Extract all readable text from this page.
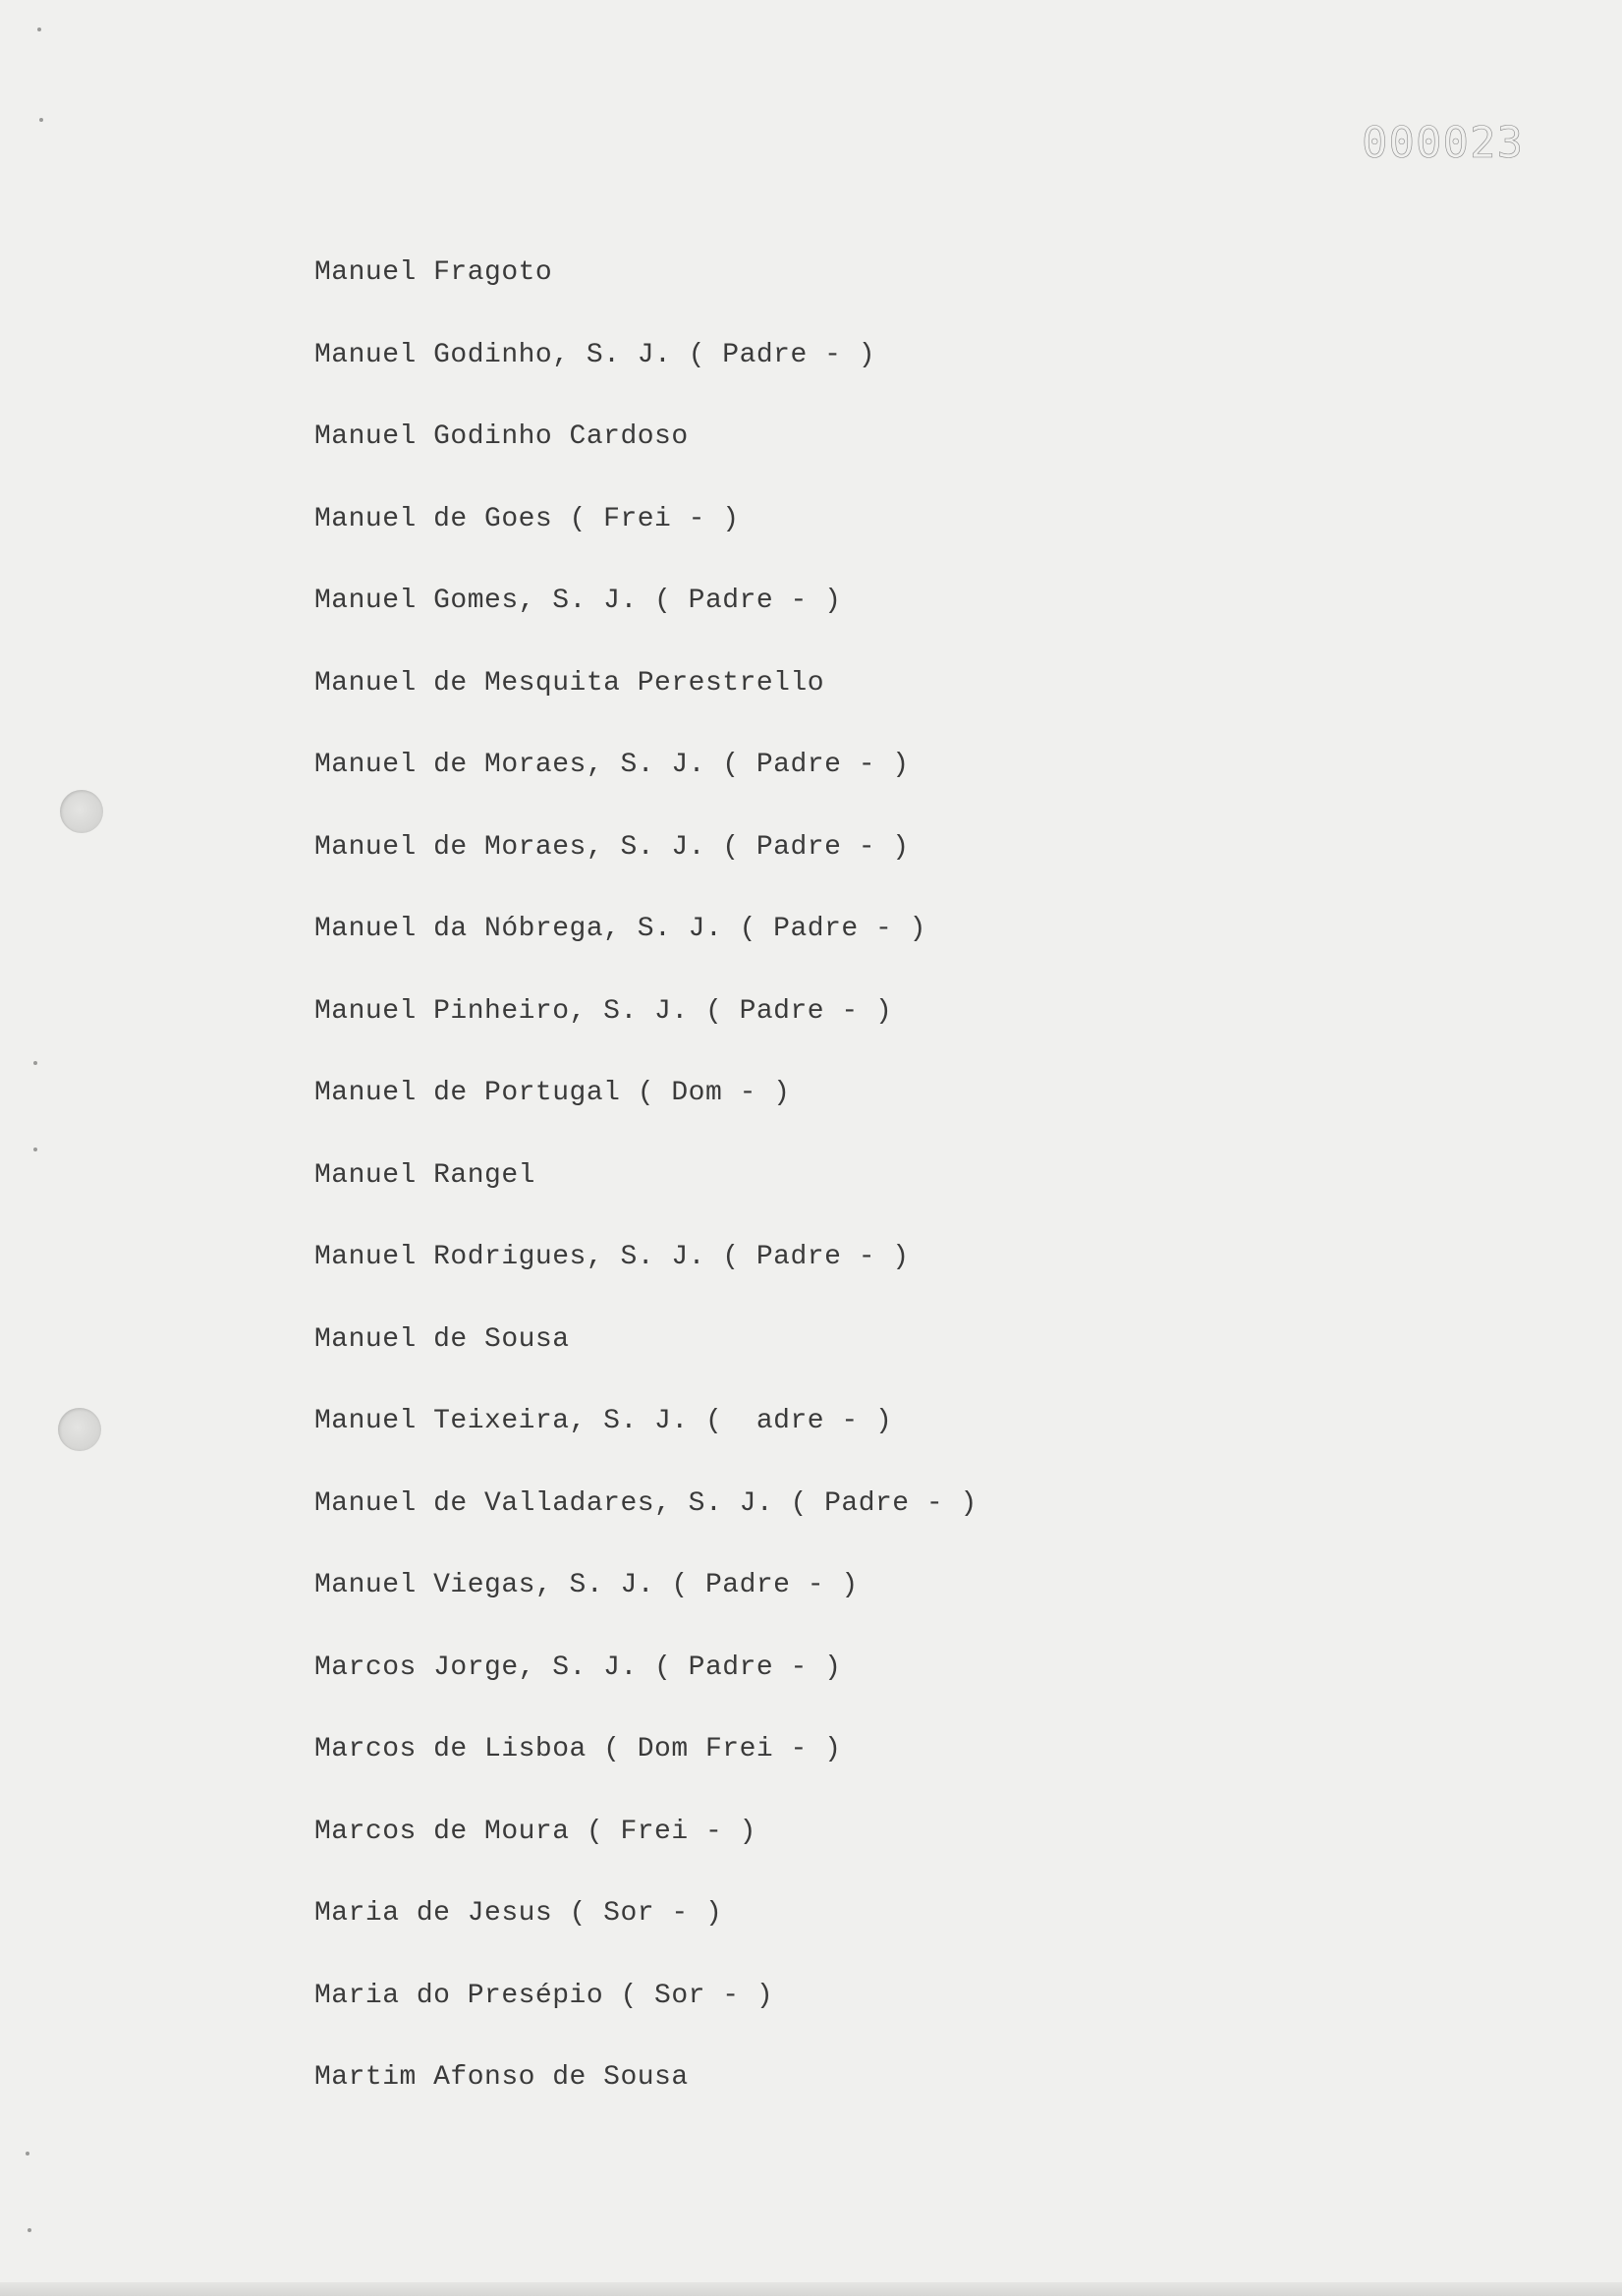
000023
Manuel Fragoto
Manuel Godinho, S. J. ( Padre - )
Manuel Godinho Cardoso
Manuel de Goes ( Frei - )
Manuel Gomes, S. J. ( Padre - )
Manuel de Mesquita Perestrello
Manuel de Moraes, S. J. ( Padre - )
Manuel de Moraes, S. J. ( Padre - )
Manuel da Nóbrega, S. J. ( Padre - )
Manuel Pinheiro, S. J. ( Padre - )
Manuel de Portugal ( Dom - )
Manuel Rangel
Manuel Rodrigues, S. J. ( Padre - )
Manuel de Sousa
Manuel Teixeira, S. J. (  adre - )
Manuel de Valladares, S. J. ( Padre - )
Manuel Viegas, S. J. ( Padre - )
Marcos Jorge, S. J. ( Padre - )
Marcos de Lisboa ( Dom Frei - )
Marcos de Moura ( Frei - )
Maria de Jesus ( Sor - )
Maria do Presépio ( Sor - )
Martim Afonso de Sousa
